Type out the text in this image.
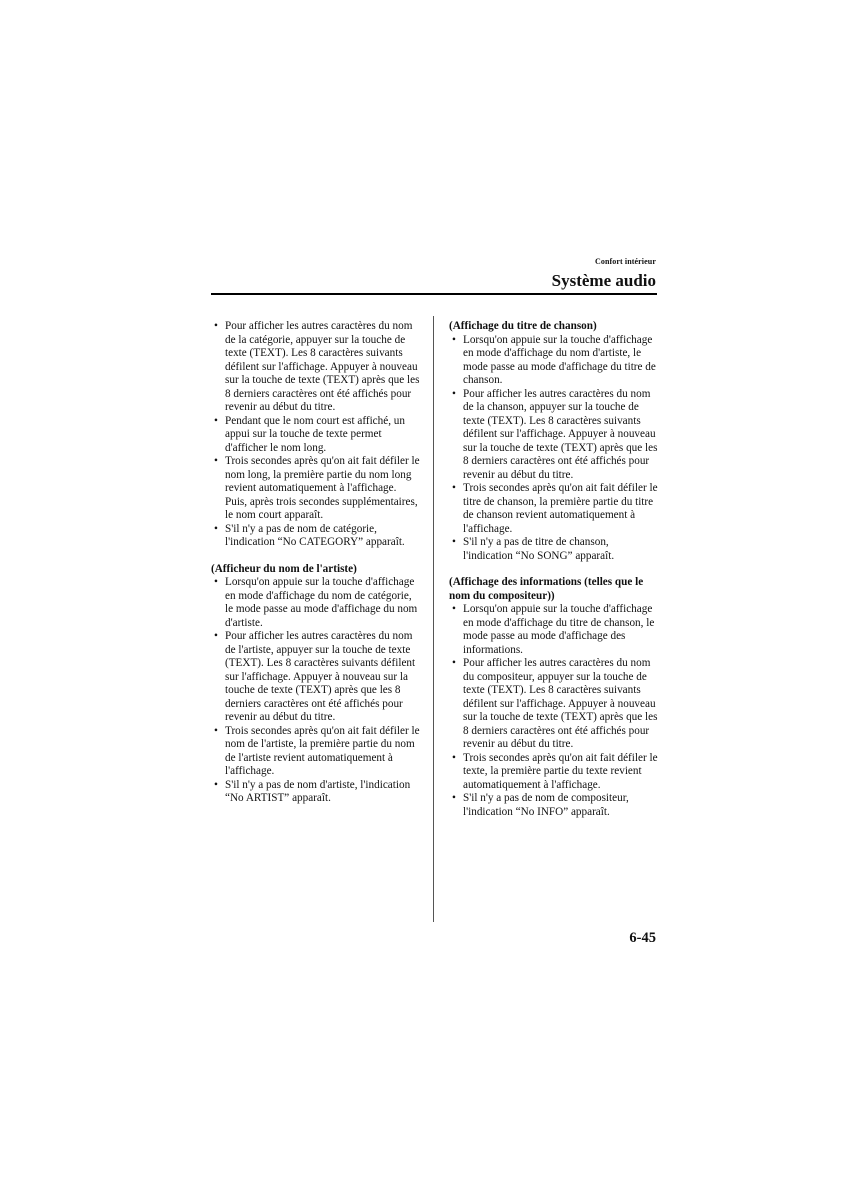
Confort intérieur
Système audio
• Pour afficher les autres caractères du nom de la catégorie, appuyer sur la touche de texte (TEXT). Les 8 caractères suivants défilent sur l'affichage. Appuyer à nouveau sur la touche de texte (TEXT) après que les 8 derniers caractères ont été affichés pour revenir au début du titre.
• Pendant que le nom court est affiché, un appui sur la touche de texte permet d'afficher le nom long.
• Trois secondes après qu'on ait fait défiler le nom long, la première partie du nom long revient automatiquement à l'affichage. Puis, après trois secondes supplémentaires, le nom court apparaît.
• S'il n'y a pas de nom de catégorie, l'indication “No CATEGORY” apparaît.
(Afficheur du nom de l'artiste)
• Lorsqu'on appuie sur la touche d'affichage en mode d'affichage du nom de catégorie, le mode passe au mode d'affichage du nom d'artiste.
• Pour afficher les autres caractères du nom de l'artiste, appuyer sur la touche de texte (TEXT). Les 8 caractères suivants défilent sur l'affichage. Appuyer à nouveau sur la touche de texte (TEXT) après que les 8 derniers caractères ont été affichés pour revenir au début du titre.
• Trois secondes après qu'on ait fait défiler le nom de l'artiste, la première partie du nom de l'artiste revient automatiquement à l'affichage.
• S'il n'y a pas de nom d'artiste, l'indication “No ARTIST” apparaît.
(Affichage du titre de chanson)
• Lorsqu'on appuie sur la touche d'affichage en mode d'affichage du nom d'artiste, le mode passe au mode d'affichage du titre de chanson.
• Pour afficher les autres caractères du nom de la chanson, appuyer sur la touche de texte (TEXT). Les 8 caractères suivants défilent sur l'affichage. Appuyer à nouveau sur la touche de texte (TEXT) après que les 8 derniers caractères ont été affichés pour revenir au début du titre.
• Trois secondes après qu'on ait fait défiler le titre de chanson, la première partie du titre de chanson revient automatiquement à l'affichage.
• S'il n'y a pas de titre de chanson, l'indication “No SONG” apparaît.
(Affichage des informations (telles que le nom du compositeur))
• Lorsqu'on appuie sur la touche d'affichage en mode d'affichage du titre de chanson, le mode passe au mode d'affichage des informations.
• Pour afficher les autres caractères du nom du compositeur, appuyer sur la touche de texte (TEXT). Les 8 caractères suivants défilent sur l'affichage. Appuyer à nouveau sur la touche de texte (TEXT) après que les 8 derniers caractères ont été affichés pour revenir au début du titre.
• Trois secondes après qu'on ait fait défiler le texte, la première partie du texte revient automatiquement à l'affichage.
• S'il n'y a pas de nom de compositeur, l'indication “No INFO” apparaît.
6-45
